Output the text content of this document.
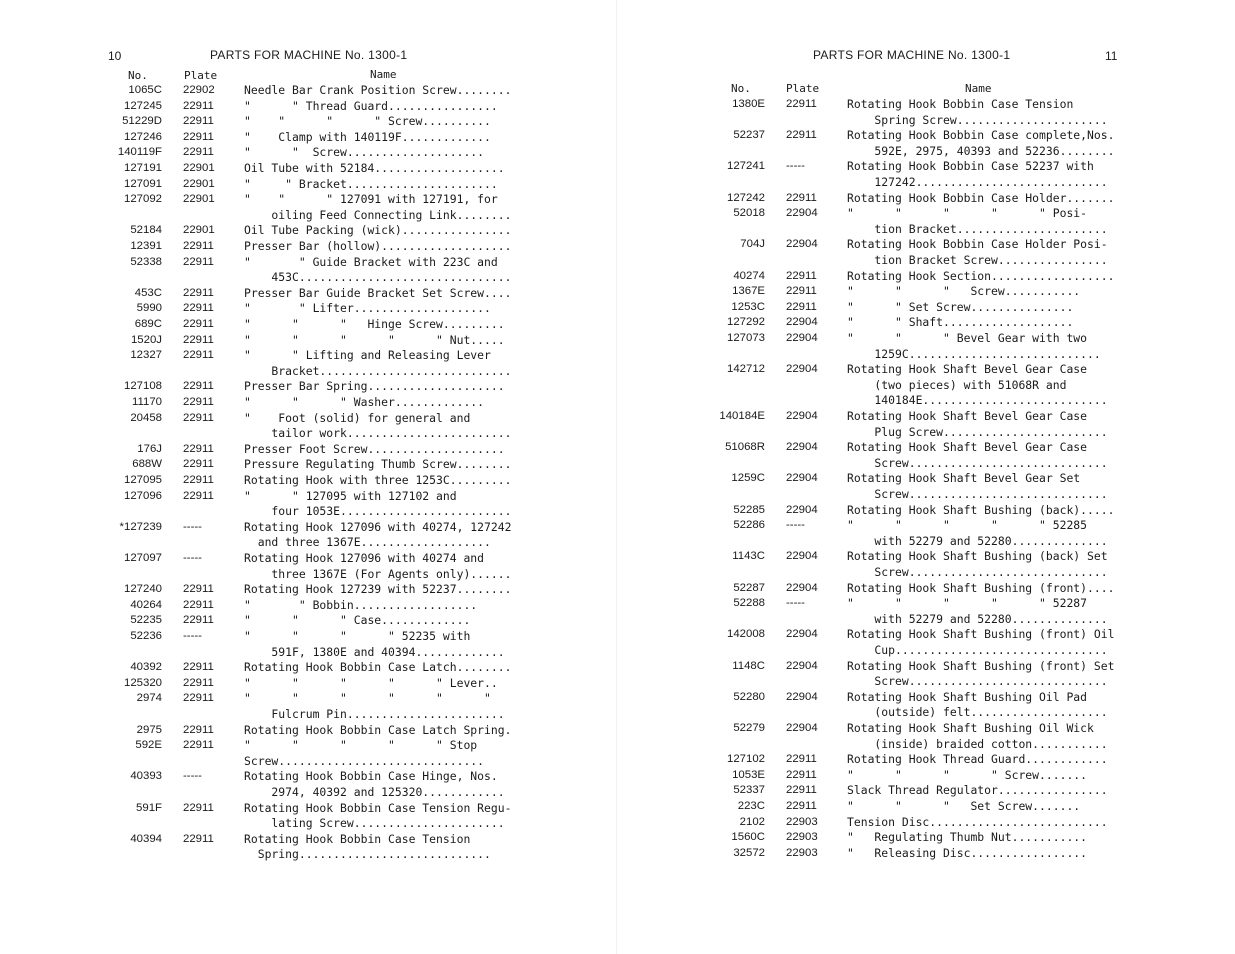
10	PARTS FOR MACHINE No. 1300-1
No.	Plate	Name
1065C 22902	Needle Bar Crank Position Screw........
127245 22911	"      " Thread Guard................
51229D 22911	"    "      "      " Screw..........
127246 22911	"    Clamp with 140119F.............
140119F 22911	"      "  Screw....................
127191 22901	Oil Tube with 52184...................
127091 22901	"     " Bracket......................
127092 22901	"    "      " 127091 with 127191, for
oiling Feed Connecting Link........
52184 22901	Oil Tube Packing (wick)................
12391 22911	Presser Bar (hollow)...................
52338 22911	"       " Guide Bracket with 223C and
453C...............................
453C 22911	Presser Bar Guide Bracket Set Screw....
5990 22911	"       " Lifter....................
689C 22911	"      "      "   Hinge Screw.........
1520J 22911	"      "      "      "      " Nut.....
12327 22911	"      " Lifting and Releasing Lever
Bracket............................
127108 22911	Presser Bar Spring....................
11170 22911	"      "      " Washer.............
20458 22911	"    Foot (solid) for general and
tailor work........................
176J 22911	Presser Foot Screw....................
688W 22911	Pressure Regulating Thumb Screw........
127095 22911	Rotating Hook with three 1253C.........
127096 22911	"      " 127095 with 127102 and
four 1053E.........................
*127239 -----	Rotating Hook 127096 with 40274, 127242
and three 1367E...................
127097 -----	Rotating Hook 127096 with 40274 and
three 1367E (For Agents only)......
127240 22911	Rotating Hook 127239 with 52237........
40264 22911	"       " Bobbin..................
52235 22911	"      "      " Case.............
52236 -----	"      "      "      " 52235 with
591F, 1380E and 40394.............
40392 22911	Rotating Hook Bobbin Case Latch........
125320 22911	"      "      "      "      " Lever..
2974 22911	"      "      "      "      "      "
Fulcrum Pin.......................
2975 22911	Rotating Hook Bobbin Case Latch Spring.
592E 22911	"      "      "      "      " Stop
Screw..............................
40393 -----	Rotating Hook Bobbin Case Hinge, Nos.
2974, 40392 and 125320............
591F 22911	Rotating Hook Bobbin Case Tension Regu-
lating Screw......................
40394 22911	Rotating Hook Bobbin Case Tension
Spring............................
PARTS FOR MACHINE No. 1300-1	11
No.	Plate	Name
1380E 22911	Rotating Hook Bobbin Case Tension
Spring Screw......................
52237 22911	Rotating Hook Bobbin Case complete,Nos.
592E, 2975, 40393 and 52236........
127241 -----	Rotating Hook Bobbin Case 52237 with
127242............................
127242 22911	Rotating Hook Bobbin Case Holder.......
52018 22904	"      "      "      "      " Posi-
tion Bracket......................
704J 22904	Rotating Hook Bobbin Case Holder Posi-
tion Bracket Screw................
40274 22911	Rotating Hook Section..................
1367E 22911	"      "      "   Screw...........
1253C 22911	"      " Set Screw...............
127292 22904	"      " Shaft...................
127073 22904	"      "      " Bevel Gear with two
1259C............................
142712 22904	Rotating Hook Shaft Bevel Gear Case
(two pieces) with 51068R and
140184E...........................
140184E 22904	Rotating Hook Shaft Bevel Gear Case
Plug Screw........................
51068R 22904	Rotating Hook Shaft Bevel Gear Case
Screw.............................
1259C 22904	Rotating Hook Shaft Bevel Gear Set
Screw.............................
52285 22904	Rotating Hook Shaft Bushing (back).....
52286 -----	"      "      "      "      " 52285
with 52279 and 52280..............
1143C 22904	Rotating Hook Shaft Bushing (back) Set
Screw.............................
52287 22904	Rotating Hook Shaft Bushing (front)....
52288 -----	"      "      "      "      " 52287
with 52279 and 52280..............
142008 22904	Rotating Hook Shaft Bushing (front) Oil
Cup...............................
1148C 22904	Rotating Hook Shaft Bushing (front) Set
Screw.............................
52280 22904	Rotating Hook Shaft Bushing Oil Pad
(outside) felt....................
52279 22904	Rotating Hook Shaft Bushing Oil Wick
(inside) braided cotton...........
127102 22911	Rotating Hook Thread Guard............
1053E 22911	"      "      "      " Screw.......
52337 22911	Slack Thread Regulator................
223C 22911	"      "      "   Set Screw.......
2102 22903	Tension Disc..........................
1560C 22903	"   Regulating Thumb Nut...........
32572 22903	"   Releasing Disc.................
